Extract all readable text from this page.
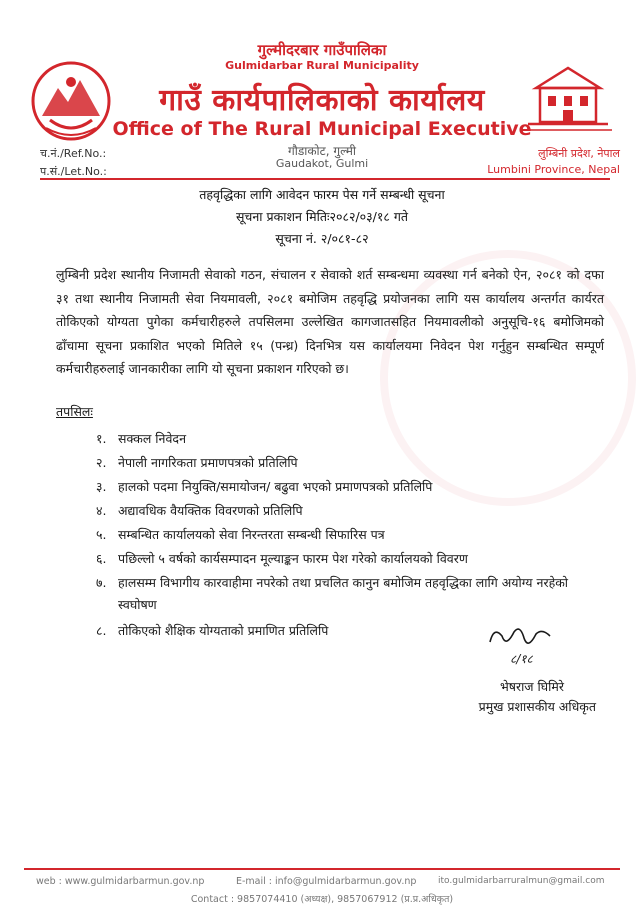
गुल्मीदरबार गाउँपालिका
Gulmidarbar Rural Municipality
गाउँ कार्यपालिकाको कार्यालय
Office of The Rural Municipal Executive
गौडाकोट, गुल्मी
Gaudakot, Gulmi
च.नं./Ref.No.:
प.सं./Let.No.:
लुम्बिनी प्रदेश, नेपाल
Lumbini Province, Nepal
तहवृद्धिका लागि आवेदन फारम पेस गर्ने सम्बन्धी सूचना
सूचना प्रकाशन मितिः२०८२/०३/१८ गते
सूचना नं. २/०८१-८२
लुम्बिनी प्रदेश स्थानीय निजामती सेवाको गठन, संचालन र सेवाको शर्त सम्बन्धमा व्यवस्था गर्न बनेको ऐन, २०८१ को दफा ३१ तथा स्थानीय निजामती सेवा नियमावली, २०८१ बमोजिम तहवृद्धि प्रयोजनका लागि यस कार्यालय अन्तर्गत कार्यरत तोकिएको योग्यता पुगेका कर्मचारीहरुले तपसिलमा उल्लेखित कागजातसहित नियमावलीको अनुसूचि-१६ बमोजिमको ढाँचामा सूचना प्रकाशित भएको मितिले १५ (पन्ध्र) दिनभित्र यस कार्यालयमा निवेदन पेश गर्नुहुन सम्बन्धित सम्पूर्ण कर्मचारीहरुलाई जानकारीका लागि यो सूचना प्रकाशन गरिएको छ।
तपसिलः
१. सक्कल निवेदन
२. नेपाली नागरिकता प्रमाणपत्रको प्रतिलिपि
३. हालको पदमा नियुक्ति/समायोजन/ बढुवा भएको प्रमाणपत्रको प्रतिलिपि
४. अद्यावधिक वैयक्तिक विवरणको प्रतिलिपि
५. सम्बन्धित कार्यालयको सेवा निरन्तरता सम्बन्धी सिफारिस पत्र
६. पछिल्लो ५ वर्षको कार्यसम्पादन मूल्याङ्कन फारम पेश गरेको कार्यालयको विवरण
७. हालसम्म विभागीय कारवाहीमा नपरेको तथा प्रचलित कानुन बमोजिम तहवृद्धिका लागि अयोग्य नरहेको स्वघोषण
८. तोकिएको शैक्षिक योग्यताको प्रमाणित प्रतिलिपि
८/१८
भेषराज घिमिरे
प्रमुख प्रशासकीय अधिकृत
web : www.gulmidarbarmun.gov.np	E-mail : info@gulmidarbarmun.gov.np ito.gulmidarbarruralmun@gmail.com
Contact : 9857074410 (अध्यक्ष), 9857067912 (प्र.प्र.अधिकृत)
